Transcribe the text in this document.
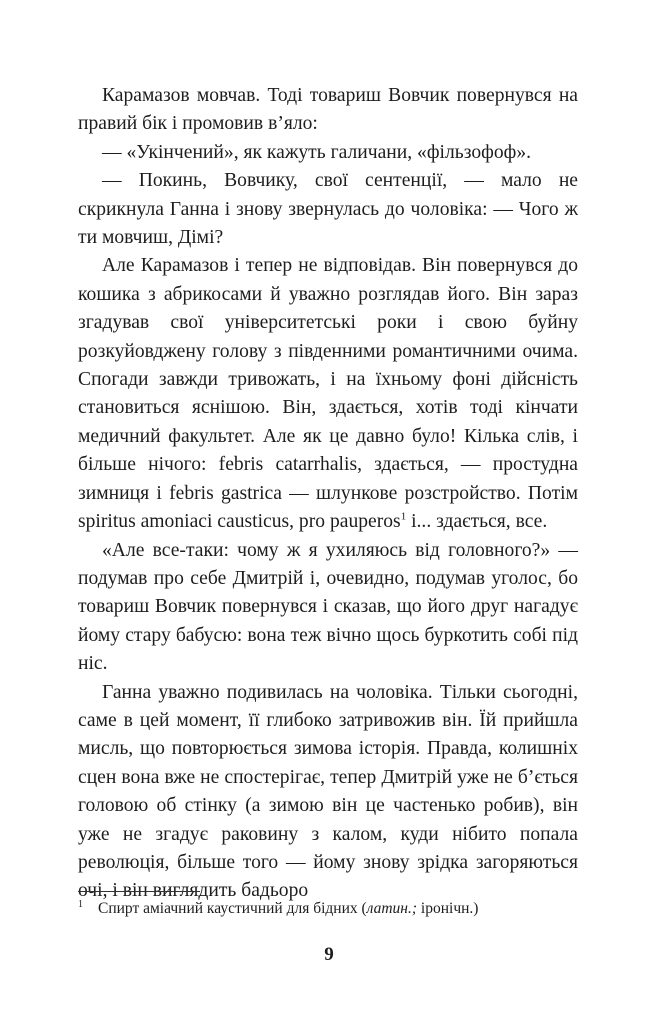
Карамазов мовчав. Тоді товариш Вовчик повернувся на правий бік і промовив в’яло:

— «Укінчений», як кажуть галичани, «фільзофоф».

— Покинь, Вовчику, свої сентенції, — мало не скрикнула Ганна і знову звернулась до чоловіка: — Чого ж ти мовчиш, Дімі?

Але Карамазов і тепер не відповідав. Він повернувся до кошика з абрикосами й уважно розглядав його. Він зараз згадував свої університетські роки і свою буйну розкуйовджену голову з південними романтичними очима. Спогади завжди тривожать, і на їхньому фоні дійсність становиться яснішою. Він, здається, хотів тоді кінчати медичний факультет. Але як це давно було! Кілька слів, і більше нічого: febris catarrhalis, здається, — простудна зимниця і febris gastrica — шлункове розстройство. Потім spiritus amoniaci causticus, pro pauperos$^1$ і... здається, все.

«Але все-таки: чому ж я ухиляюсь від головного?» — подумав про себе Дмитрій і, очевидно, подумав уголос, бо товариш Вовчик повернувся і сказав, що його друг нагадує йому стару бабусю: вона теж вічно щось буркотить собі під ніс.

Ганна уважно подивилась на чоловіка. Тільки сьогодні, саме в цей момент, її глибоко затривожив він. Їй прийшла мисль, що повторюється зимова історія. Правда, колишніх сцен вона вже не спостерігає, тепер Дмитрій уже не б’ється головою об стінку (а зимою він це частенько робив), він уже не згадує раковину з калом, куди нібито попала революція, більше того — йому знову зрідка загоряються очі, і він виглядить бадьоро

1 Спирт аміачний каустичний для бідних (латин.; іронічн.)
9
